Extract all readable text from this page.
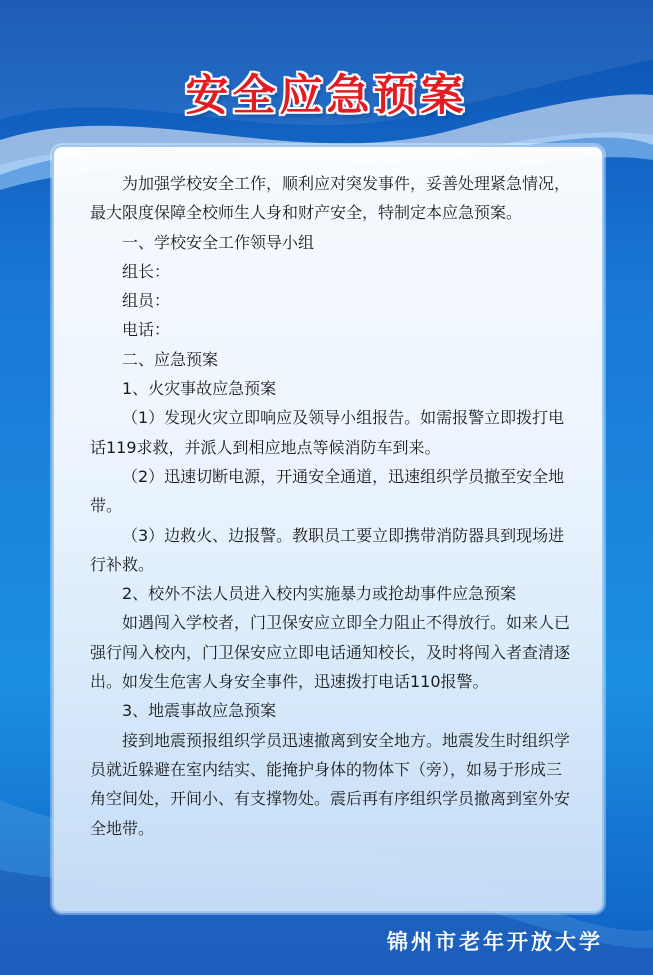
安全应急预案

为加强学校安全工作，顺利应对突发事件，妥善处理紧急情况，最大限度保障全校师生人身和财产安全，特制定本应急预案。

一、学校安全工作领导小组

组长：

组员：

电话：

二、应急预案

1、火灾事故应急预案

（1）发现火灾立即响应及领导小组报告。如需报警立即拨打电话119求救，并派人到相应地点等候消防车到来。

（2）迅速切断电源，开通安全通道，迅速组织学员撤至安全地带。

（3）边救火、边报警。教职员工要立即携带消防器具到现场进行补救。

2、校外不法人员进入校内实施暴力或抢劫事件应急预案

如遇闯入学校者，门卫保安应立即全力阻止不得放行。如来人已强行闯入校内，门卫保安应立即电话通知校长，及时将闯入者查清逐出。如发生危害人身安全事件，迅速拨打电话110报警。

3、地震事故应急预案

接到地震预报组织学员迅速撤离到安全地方。地震发生时组织学员就近躲避在室内结实、能掩护身体的物体下（旁），如易于形成三角空间处，开间小、有支撑物处。震后再有序组织学员撤离到室外安全地带。

锦州市老年开放大学
